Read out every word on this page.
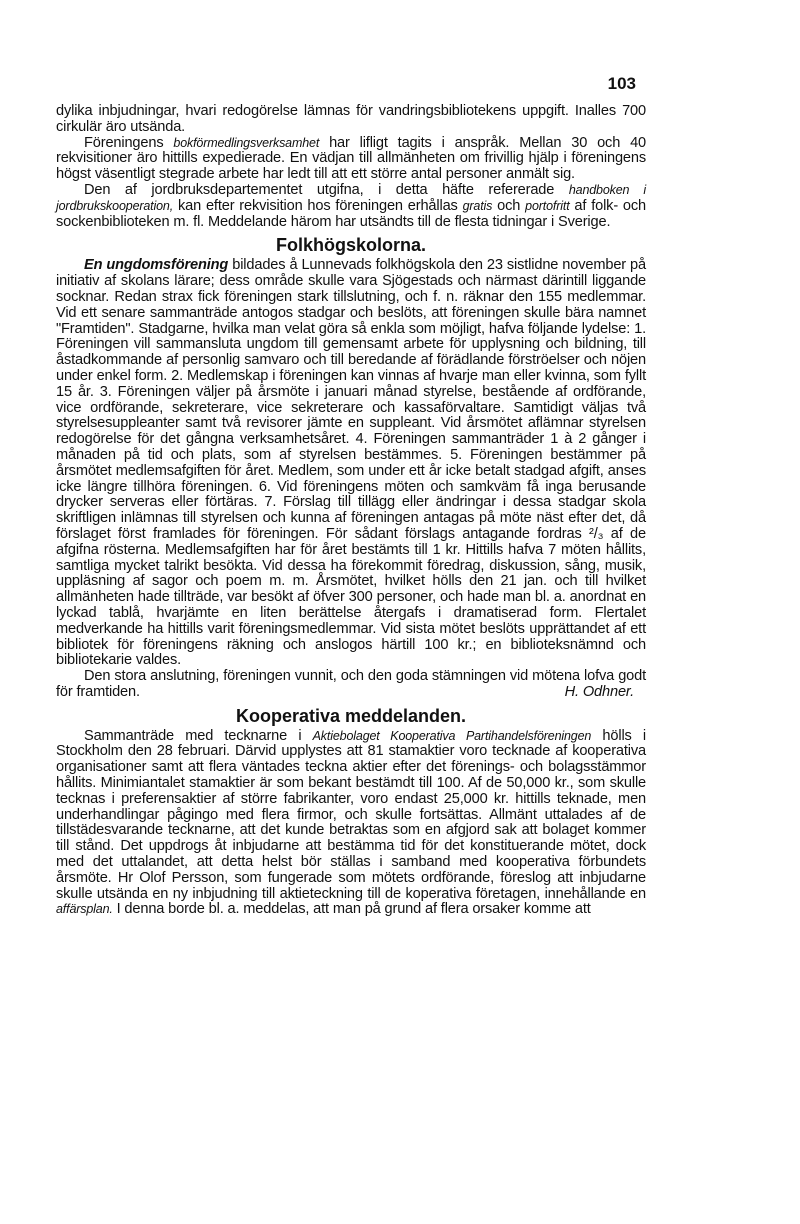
103

dylika inbjudningar, hvari redogörelse lämnas för vandringsbibliotekens uppgift. Inalles 700 cirkulär äro utsända.

Föreningens bokförmedlingsverksamhet har lifligt tagits i anspråk. Mellan 30 och 40 rekvisitioner äro hittills expedierade. En vädjan till allmänheten om frivillig hjälp i föreningens högst väsentligt stegrade arbete har ledt till att ett större antal personer anmält sig.

Den af jordbruksdepartementet utgifna, i detta häfte refererade handboken i jordbrukskooperation, kan efter rekvisition hos föreningen erhållas gratis och portofritt af folk- och sockenbiblioteken m. fl. Meddelande härom har utsändts till de flesta tidningar i Sverige.

Folkhögskolorna.

En ungdomsförening bildades å Lunnevads folkhögskola den 23 sistlidne november på initiativ af skolans lärare; dess område skulle vara Sjögestads och närmast därintill liggande socknar. Redan strax fick föreningen stark tillslutning, och f. n. räknar den 155 medlemmar. Vid ett senare sammanträde antogos stadgar och beslöts, att föreningen skulle bära namnet "Framtiden". Stadgarne, hvilka man velat göra så enkla som möjligt, hafva följande lydelse: 1. Föreningen vill sammansluta ungdom till gemensamt arbete för upplysning och bildning, till åstadkommande af personlig samvaro och till beredande af förädlande förströelser och nöjen under enkel form. 2. Medlemskap i föreningen kan vinnas af hvarje man eller kvinna, som fyllt 15 år. 3. Föreningen väljer på årsmöte i januari månad styrelse, bestående af ordförande, vice ordförande, sekreterare, vice sekreterare och kassaförvaltare. Samtidigt väljas två styrelsesuppleanter samt två revisorer jämte en suppleant. Vid årsmötet aflämnar styrelsen redogörelse för det gångna verksamhetsåret. 4. Föreningen sammanträder 1 à 2 gånger i månaden på tid och plats, som af styrelsen bestämmes. 5. Föreningen bestämmer på årsmötet medlemsafgiften för året. Medlem, som under ett år icke betalt stadgad afgift, anses icke längre tillhöra föreningen. 6. Vid föreningens möten och samkväm få inga berusande drycker serveras eller förtäras. 7. Förslag till tillägg eller ändringar i dessa stadgar skola skriftligen inlämnas till styrelsen och kunna af föreningen antagas på möte näst efter det, då förslaget först framlades för föreningen. För sådant förslags antagande fordras ²/₃ af de afgifna rösterna. Medlemsafgiften har för året bestämts till 1 kr. Hittills hafva 7 möten hållits, samtliga mycket talrikt besökta. Vid dessa ha förekommit föredrag, diskussion, sång, musik, uppläsning af sagor och poem m. m. Årsmötet, hvilket hölls den 21 jan. och till hvilket allmänheten hade tillträde, var besökt af öfver 300 personer, och hade man bl. a. anordnat en lyckad tablå, hvarjämte en liten berättelse återgafs i dramatiserad form. Flertalet medverkande ha hittills varit föreningsmedlemmar. Vid sista mötet beslöts upprättandet af ett bibliotek för föreningens räkning och anslogos härtill 100 kr.; en biblioteksnämnd och bibliotekarie valdes.

Den stora anslutning, föreningen vunnit, och den goda stämningen vid mötena lofva godt för framtiden.	H. Odhner.

Kooperativa meddelanden.

Sammanträde med tecknarne i Aktiebolaget Kooperativa Partihandelsföreningen hölls i Stockholm den 28 februari. Därvid upplystes att 81 stamaktier voro tecknade af kooperativa organisationer samt att flera väntades teckna aktier efter det förenings- och bolagsstämmor hållits. Minimiantalet stamaktier är som bekant bestämdt till 100. Af de 50,000 kr., som skulle tecknas i preferensaktier af större fabrikanter, voro endast 25,000 kr. hittills teknade, men underhandlingar pågingo med flera firmor, och skulle fortsättas. Allmänt uttalades af de tillstädesvarande tecknarne, att det kunde betraktas som en afgjord sak att bolaget kommer till stånd. Det uppdrogs åt inbjudarne att bestämma tid för det konstituerande mötet, dock med det uttalandet, att detta helst bör ställas i samband med kooperativa förbundets årsmöte. Hr Olof Persson, som fungerade som mötets ordförande, föreslog att inbjudarne skulle utsända en ny inbjudning till aktieteckning till de koperativa företagen, innehållande en affärsplan. I denna borde bl. a. meddelas, att man på grund af flera orsaker komme att
